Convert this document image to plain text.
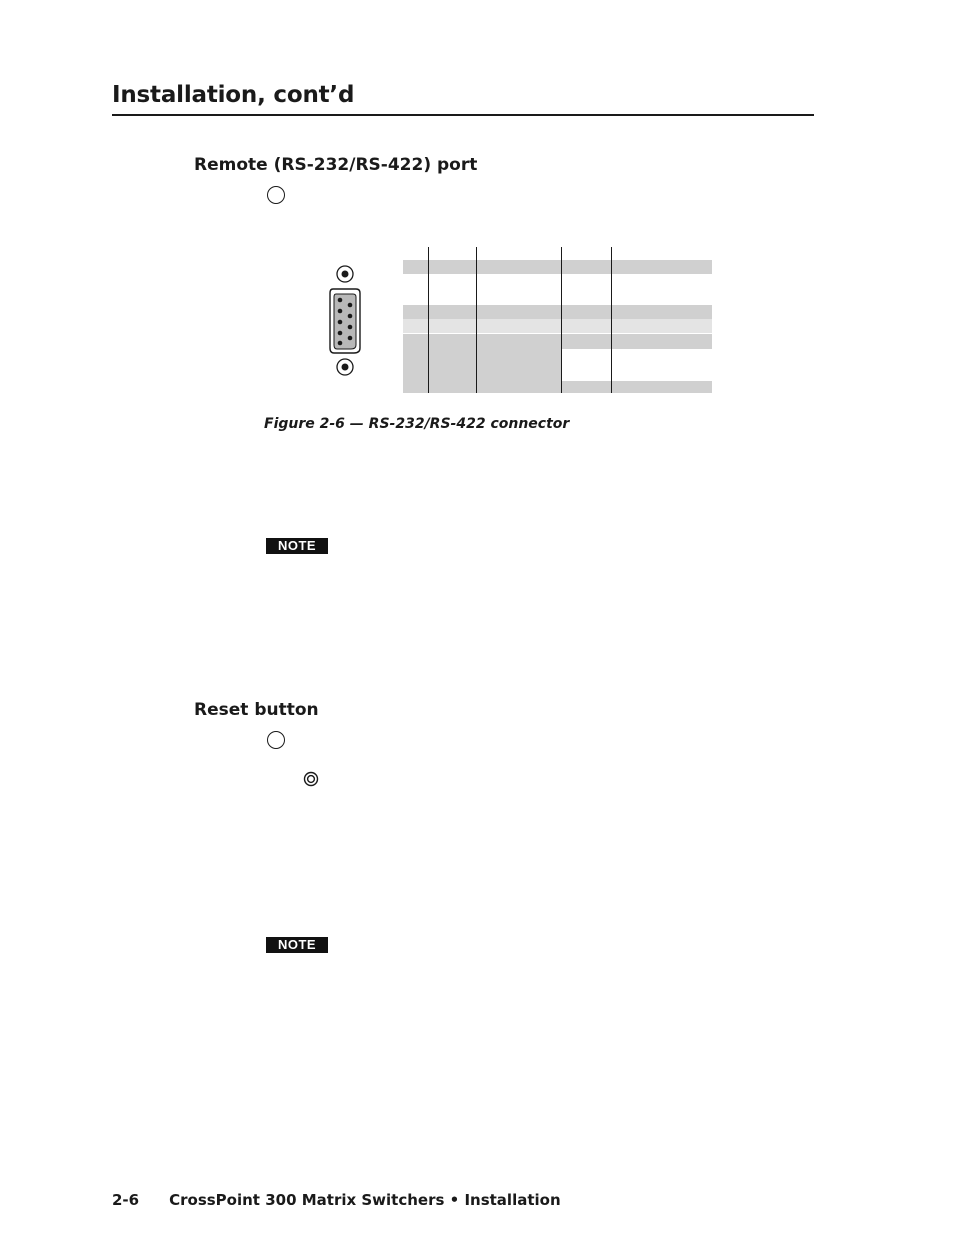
Installation, cont’d
Remote (RS-232/RS-422) port
Figure 2-6 — RS-232/RS-422 connector
NOTE
Reset button
NOTE
2-6 CrossPoint 300 Matrix Switchers • Installation
